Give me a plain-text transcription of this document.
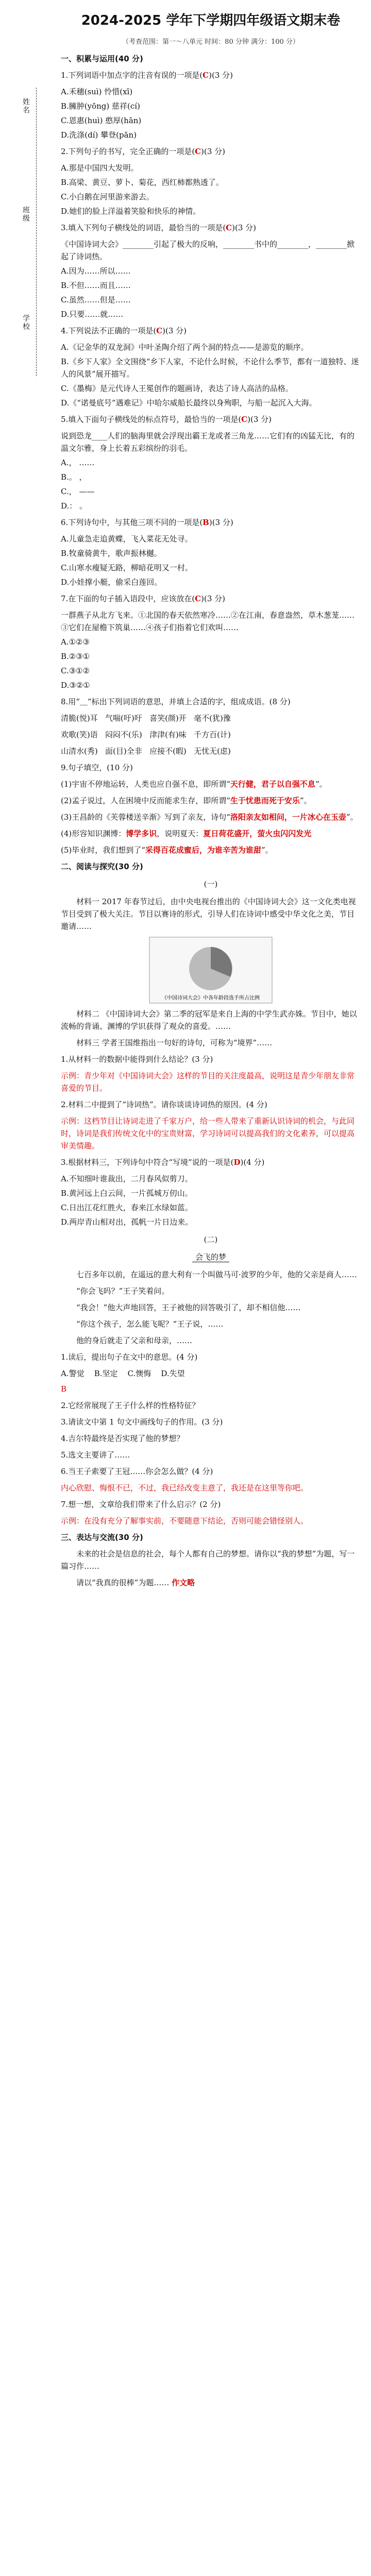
姓名
班级
学校
2024-2025 学年下学期四年级语文期末卷
（考查范围：第一～八单元 时间：80 分钟 满分：100 分）
一、积累与运用(40 分)
1.下列词语中加点字的注音有误的一项是(C)(3 分)
A.禾穗(suì) 怜惜(xī)
B.臃肿(yōng) 慈祥(cí)
C.恩惠(huì) 憨厚(hān)
D.洗涤(dí) 攀登(pān)
2.下列句子的书写，完全正确的一项是(C)(3 分)
A.那是中国四大发明。
B.高梁、黄豆、萝卜、菊花，西红柿都熟透了。
C.小白鹅在河里游来游去。
D.她们的脸上洋溢着笑脸和快乐的神情。
3.填入下列句子横线处的词语，最恰当的一项是(C)(3 分)
《中国诗词大会》________引起了极大的反响，________书中的________，________掀起了诗词热。
A.因为……所以……
B.不但……而且……
C.虽然……但是……
D.只要……就……
4.下列说法不正确的一项是(C)(3 分)
A.《记金华的双龙洞》中叶圣陶介绍了两个洞的特点——是游览的顺序。
B.《乡下人家》全文围绕“乡下人家，不论什么时候，不论什么季节，都有一道独特、迷人的风景”展开描写。
C.《墨梅》是元代诗人王冕创作的题画诗，表达了诗人高洁的品格。
D.《“诺曼底号”遇难记》中哈尔威船长最终以身殉职，与船一起沉入大海。
5.填入下面句子横线处的标点符号，最恰当的一项是(C)(3 分)
说到恐龙____人们的脑海里就会浮现出霸王龙或者三角龙……它们有的凶猛无比，有的温文尔雅，身上长着五彩缤纷的羽毛。
A.， ……
B.。 ，
C.， ——
D.： 。
6.下列诗句中，与其他三项不同的一项是(B)(3 分)
A.儿童急走追黄蝶，飞入菜花无处寻。
B.牧童骑黄牛，歌声振林樾。
C.山寒水瘦疑无路，柳暗花明又一村。
D.小娃撑小艇，偷采白莲回。
7.在下面的句子插入语段中，应该放在(C)(3 分)
一群燕子从北方飞来。①北国的春天依然寒冷……②在江南，春意盎然，草木葱茏……③它们在屋檐下筑巢……④孩子们指着它们欢叫……
A.①②③
B.②③①
C.③①②
D.③②①
8.用“＿”标出下列词语的意思，并填上合适的字，组成成语。(8 分)
清脆(悦)耳 气喘(吁)吁 喜笑(颜)开 毫不(犹)豫
欢歌(笑)语 闷闷不(乐) 津津(有)味 千方百(计)
山清水(秀) 面(目)全非 应接不(暇) 无忧无(虑)
9.句子填空，(10 分)
(1)宇宙不停地运转，人类也应自强不息，即所谓“天行健，君子以自强不息”。
(2)孟子说过，人在困境中反而能求生存，即所谓“生于忧患而死于安乐”。
(3)王昌龄的《芙蓉楼送辛渐》写到了亲友，诗句“洛阳亲友如相问，一片冰心在玉壶”。
(4)形容知识渊博：博学多识，说明夏天：夏日荷花盛开，萤火虫闪闪发光
(5)毕业时，我们想到了“采得百花成蜜后，为谁辛苦为谁甜”。
二、阅读与探究(30 分)
(一)
材料一 2017 年春节过后，由中央电视台推出的《中国诗词大会》这一文化类电视节目受到了极大关注。节目以赛诗的形式，引导人们在诗词中感受中华文化之美，节目邀请……
《中国诗词大会》中各年龄段选手所占比例
材料二 《中国诗词大会》第二季的冠军是来自上海的中学生武亦姝。节目中，她以流畅的背诵、渊博的学识获得了观众的喜爱。……
材料三 学者王国维指出一句好的诗句，可称为“境界”……
1.从材料一的数据中能得到什么结论？(3 分)
示例：青少年对《中国诗词大会》这样的节目的关注度最高，说明这是青少年朋友非常喜爱的节目。
2.材料二中提到了“诗词热”。请你谈谈诗词热的原因。(4 分)
示例：这档节目让诗词走进了千家万户，给一些人带来了重新认识诗词的机会，与此同时，诗词是我们传统文化中的宝贵财富，学习诗词可以提高我们的文化素养，可以提高审美情趣。
3.根据材料三，下列诗句中符合“写境”说的一项是(D)(4 分)
A.不知细叶谁裁出，二月春风似剪刀。
B.黄河远上白云间，一片孤城万仞山。
C.日出江花红胜火，春来江水绿如蓝。
D.两岸青山相对出，孤帆一片日边来。
(二)
会飞的梦
七百多年以前，在遥远的意大利有一个叫做马可·波罗的少年，他的父亲是商人……
“你会飞吗？”王子笑着问。
“我会！”他大声地回答，王子被他的回答吸引了，却不相信他……
“你这个孩子，怎么能飞呢？”王子说，……
他的身后就走了父亲和母亲，……
1.读后，提出句子在文中的意思。(4 分)
A.警觉 B.坚定 C.懊悔 D.失望
B
2.它经常展现了王子什么样的性格特征？
3.请读文中第 1 句文中画线句子的作用。(3 分)
4.吉尔特最终是否实现了他的梦想？
5.选文主要讲了……
6.当王子索要了王冠……你会怎么做？(4 分)
内心欣慰、悔恨不已，不过，我已经改变主意了，我还是在这里等你吧。
7.想一想，文章给我们带来了什么启示？(2 分)
示例：在没有充分了解事实前，不要随意下结论，否则可能会错怪别人。
三、表达与交流(30 分)
未来的社会是信息的社会，每个人都有自己的梦想。请你以“我的梦想”为题，写一篇习作……
请以“我真的很棒”为题…… 作文略
